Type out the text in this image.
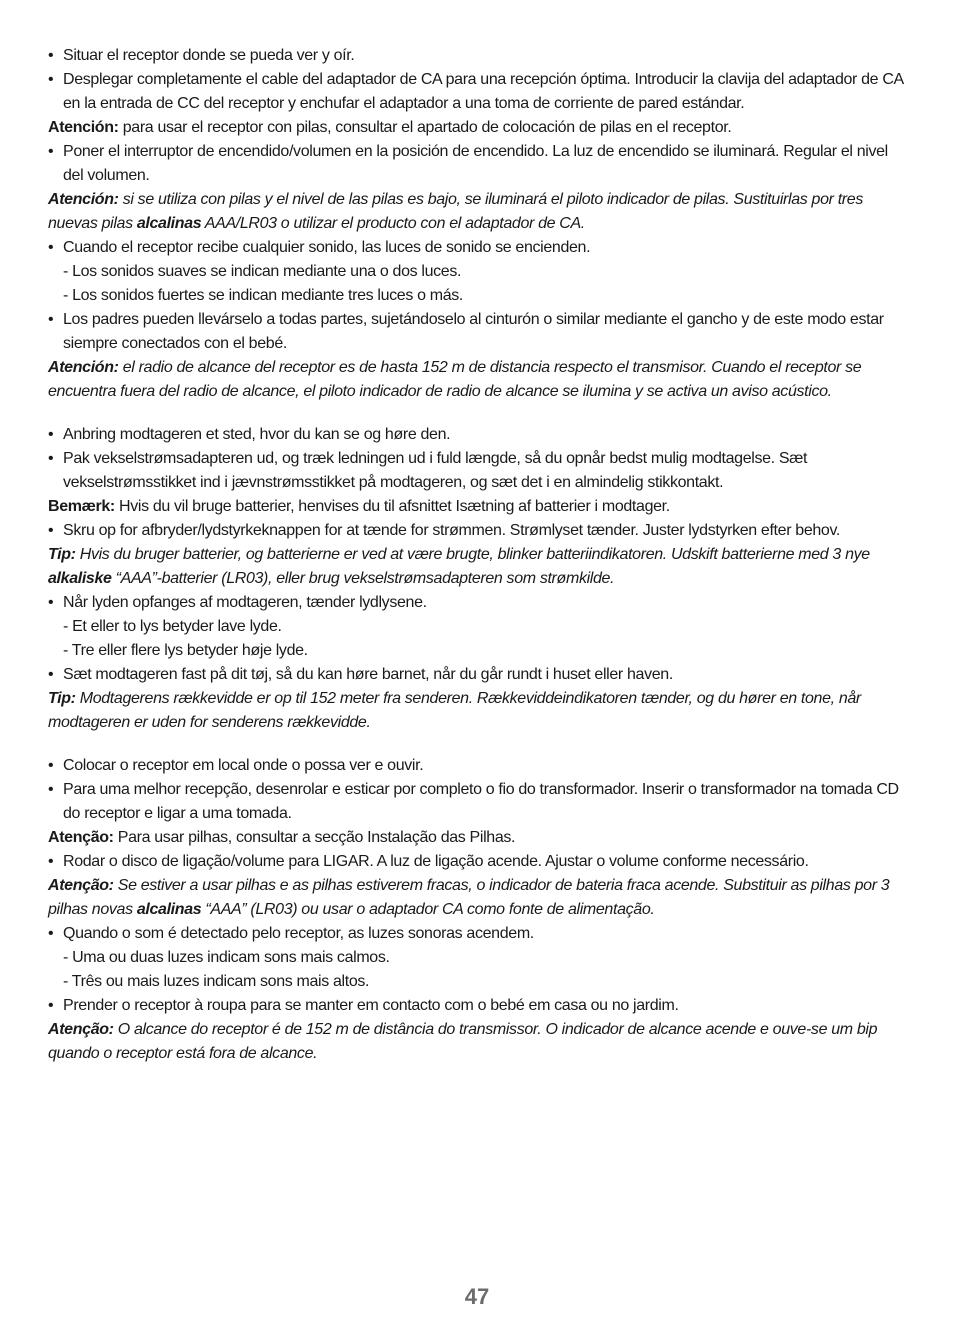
• Situar el receptor donde se pueda ver y oír.
• Desplegar completamente el cable del adaptador de CA para una recepción óptima. Introducir la clavija del adaptador de CA en la entrada de CC del receptor y enchufar el adaptador a una toma de corriente de pared estándar.
Atención: para usar el receptor con pilas, consultar el apartado de colocación de pilas en el receptor.
• Poner el interruptor de encendido/volumen en la posición de encendido. La luz de encendido se iluminará. Regular el nivel del volumen.
Atención: si se utiliza con pilas y el nivel de las pilas es bajo, se iluminará el piloto indicador de pilas. Sustituirlas por tres nuevas pilas alcalinas AAA/LR03 o utilizar el producto con el adaptador de CA.
• Cuando el receptor recibe cualquier sonido, las luces de sonido se encienden.
- Los sonidos suaves se indican mediante una o dos luces.
- Los sonidos fuertes se indican mediante tres luces o más.
• Los padres pueden llevárselo a todas partes, sujetándoselo al cinturón o similar mediante el gancho y de este modo estar siempre conectados con el bebé.
Atención: el radio de alcance del receptor es de hasta 152 m de distancia respecto el transmisor. Cuando el receptor se encuentra fuera del radio de alcance, el piloto indicador de radio de alcance se ilumina y se activa un aviso acústico.
• Anbring modtageren et sted, hvor du kan se og høre den.
• Pak vekselstrømsadapteren ud, og træk ledningen ud i fuld længde, så du opnår bedst mulig modtagelse. Sæt vekselstrømsstikket ind i jævnstrømsstikket på modtageren, og sæt det i en almindelig stikkontakt.
Bemærk: Hvis du vil bruge batterier, henvises du til afsnittet Isætning af batterier i modtager.
• Skru op for afbryder/lydstyrkeknappen for at tænde for strømmen. Strømlyset tænder. Juster lydstyrken efter behov.
Tip: Hvis du bruger batterier, og batterierne er ved at være brugte, blinker batteriindikatoren. Udskift batterierne med 3 nye alkaliske “AAA”-batterier (LR03), eller brug vekselstrømsadapteren som strømkilde.
• Når lyden opfanges af modtageren, tænder lydlysene.
- Et eller to lys betyder lave lyde.
- Tre eller flere lys betyder høje lyde.
• Sæt modtageren fast på dit tøj, så du kan høre barnet, når du går rundt i huset eller haven.
Tip: Modtagerens rækkevidde er op til 152 meter fra senderen. Rækkeviddeindikatoren tænder, og du hører en tone, når modtageren er uden for senderens rækkevidde.
• Colocar o receptor em local onde o possa ver e ouvir.
• Para uma melhor recepção, desenrolar e esticar por completo o fio do transformador. Inserir o transformador na tomada CD do receptor e ligar a uma tomada.
Atenção: Para usar pilhas, consultar a secção Instalação das Pilhas.
• Rodar o disco de ligação/volume para LIGAR. A luz de ligação acende. Ajustar o volume conforme necessário.
Atenção: Se estiver a usar pilhas e as pilhas estiverem fracas, o indicador de bateria fraca acende. Substituir as pilhas por 3 pilhas novas alcalinas “AAA” (LR03) ou usar o adaptador CA como fonte de alimentação.
• Quando o som é detectado pelo receptor, as luzes sonoras acendem.
- Uma ou duas luzes indicam sons mais calmos.
- Três ou mais luzes indicam sons mais altos.
• Prender o receptor à roupa para se manter em contacto com o bebé em casa ou no jardim.
Atenção: O alcance do receptor é de 152 m de distância do transmissor. O indicador de alcance acende e ouve-se um bip quando o receptor está fora de alcance.
47
